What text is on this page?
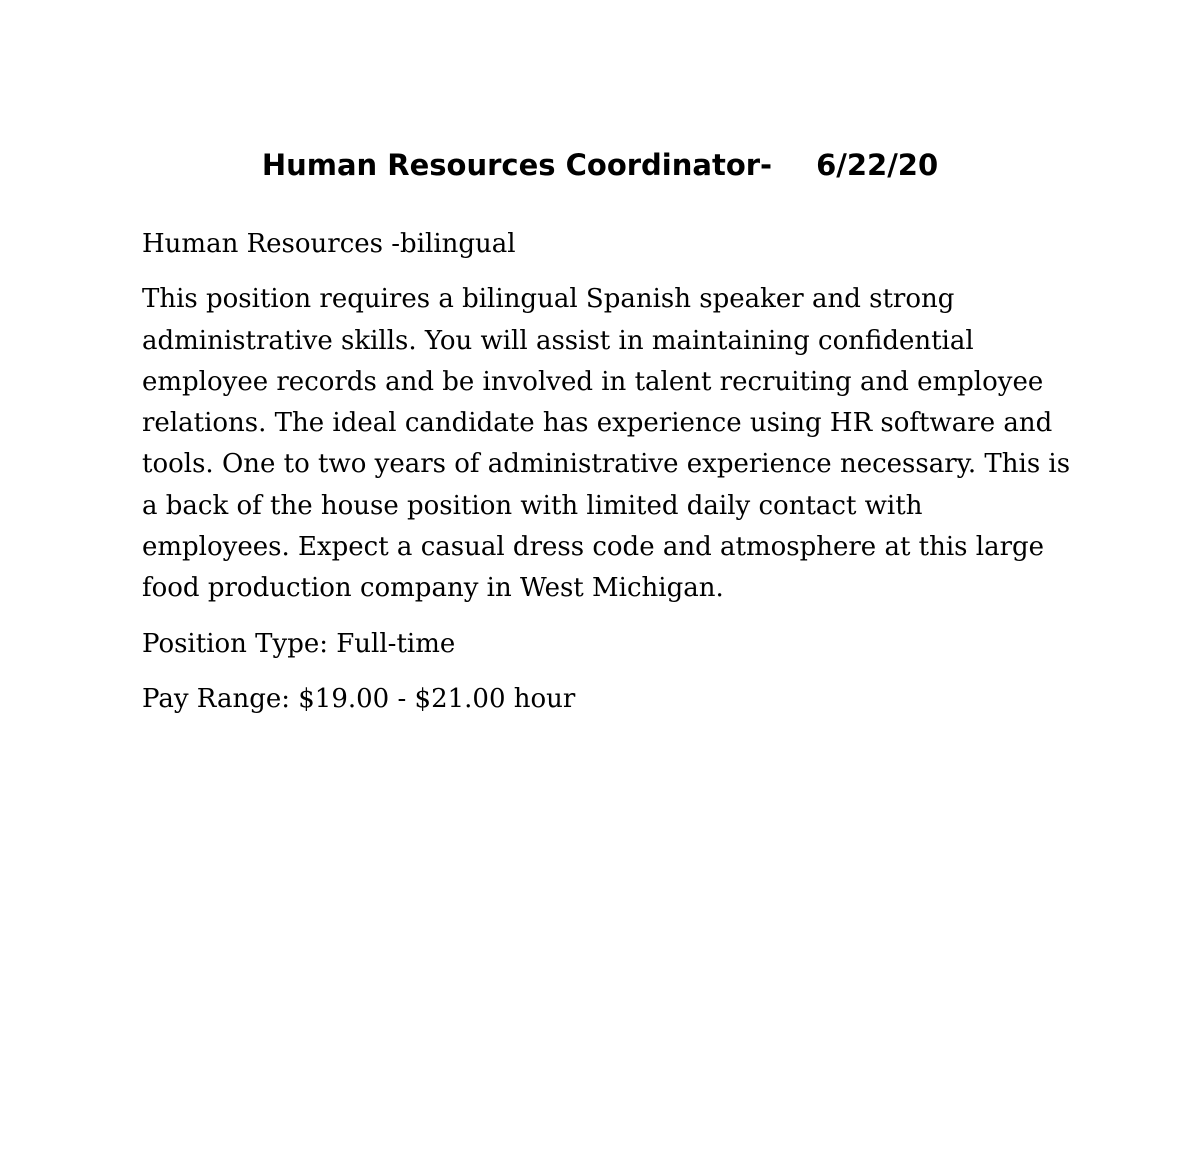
Human Resources Coordinator- 6/22/20

Human Resources -bilingual

This position requires a bilingual Spanish speaker and strong administrative skills. You will assist in maintaining confidential employee records and be involved in talent recruiting and employee relations. The ideal candidate has experience using HR software and tools. One to two years of administrative experience necessary. This is a back of the house position with limited daily contact with employees. Expect a casual dress code and atmosphere at this large food production company in West Michigan.

Position Type: Full-time

Pay Range: $19.00 - $21.00 hour
